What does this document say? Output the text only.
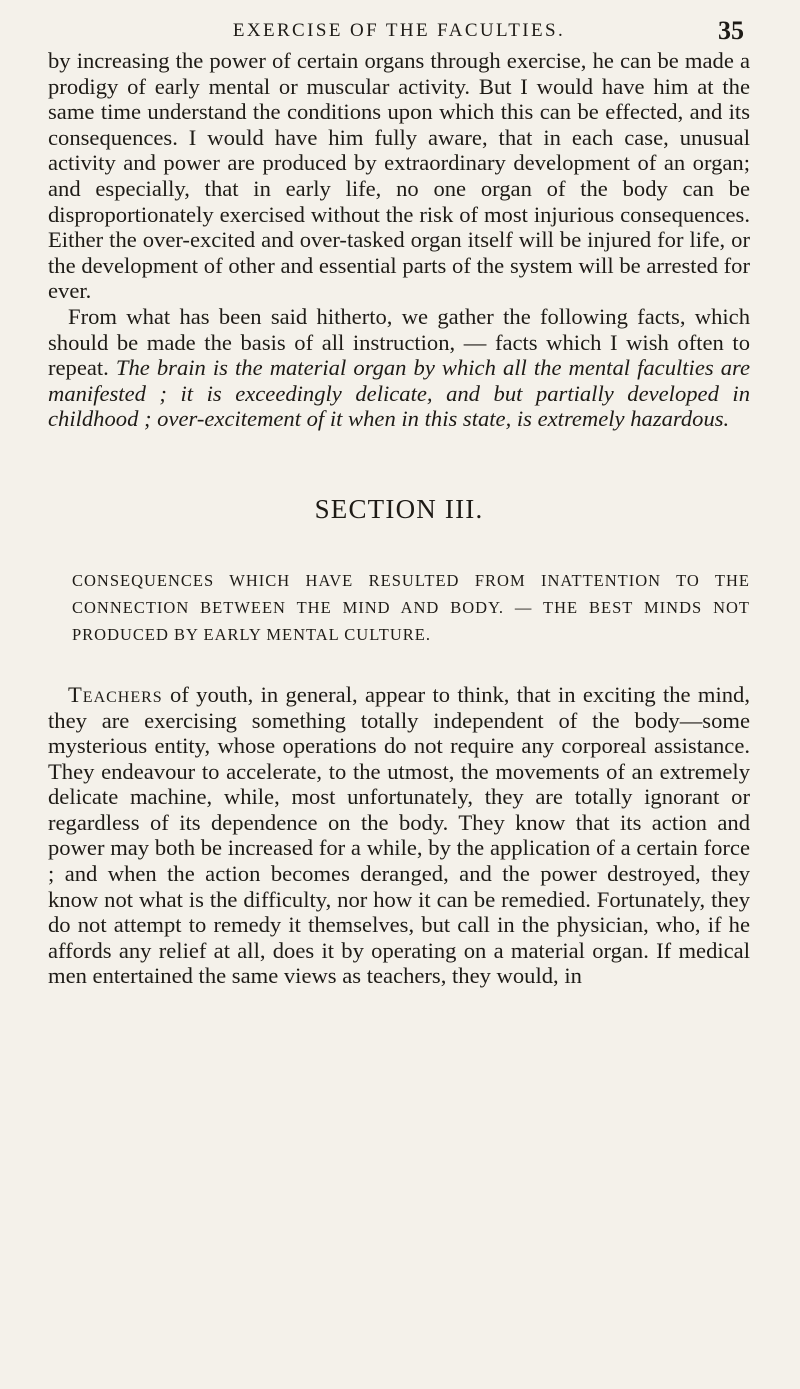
EXERCISE OF THE FACULTIES.	35

by increasing the power of certain organs through exercise, he can be made a prodigy of early mental or muscular activity. But I would have him at the same time understand the conditions upon which this can be effected, and its consequences. I would have him fully aware, that in each case, unusual activity and power are produced by extraordinary development of an organ; and especially, that in early life, no one organ of the body can be disproportionately exercised without the risk of most injurious consequences. Either the over-excited and over-tasked organ itself will be injured for life, or the development of other and essential parts of the system will be arrested for ever.

From what has been said hitherto, we gather the following facts, which should be made the basis of all instruction, — facts which I wish often to repeat. The brain is the material organ by which all the mental faculties are manifested ; it is exceedingly delicate, and but partially developed in childhood ; over-excitement of it when in this state, is extremely hazardous.

SECTION III.
CONSEQUENCES WHICH HAVE RESULTED FROM INATTENTION TO THE CONNECTION BETWEEN THE MIND AND BODY. — THE BEST MINDS NOT PRODUCED BY EARLY MENTAL CULTURE.

Teachers of youth, in general, appear to think, that in exciting the mind, they are exercising something totally independent of the body—some mysterious entity, whose operations do not require any corporeal assistance. They endeavour to accelerate, to the utmost, the movements of an extremely delicate machine, while, most unfortunately, they are totally ignorant or regardless of its dependence on the body. They know that its action and power may both be increased for a while, by the application of a certain force ; and when the action becomes deranged, and the power destroyed, they know not what is the difficulty, nor how it can be remedied. Fortunately, they do not attempt to remedy it themselves, but call in the physician, who, if he affords any relief at all, does it by operating on a material organ. If medical men entertained the same views as teachers, they would, in
